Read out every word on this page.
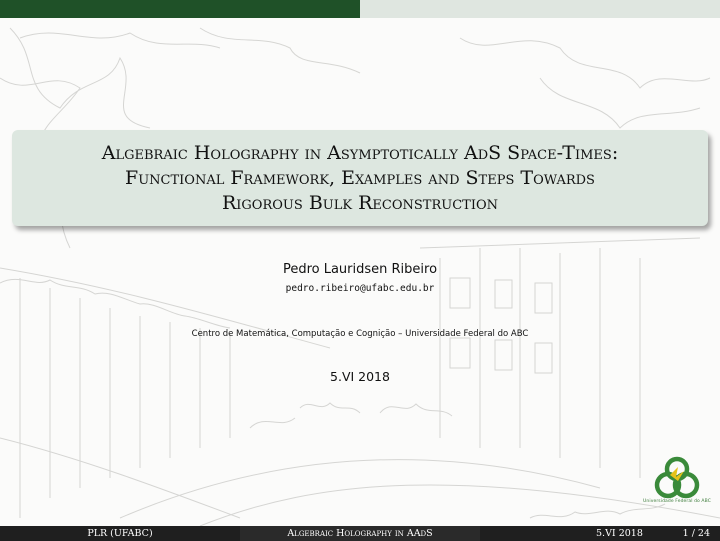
Algebraic Holography in Asymptotically AdS Space-Times:
Functional Framework, Examples and Steps Towards
Rigorous Bulk Reconstruction
Pedro Lauridsen Ribeiro
pedro.ribeiro@ufabc.edu.br
Centro de Matemática, Computação e Cognição – Universidade Federal do ABC
5.VI 2018
Universidade Federal do ABC
PLR (UFABC)	Algebraic Holography in AAdS	5.VI 2018	1 / 24
